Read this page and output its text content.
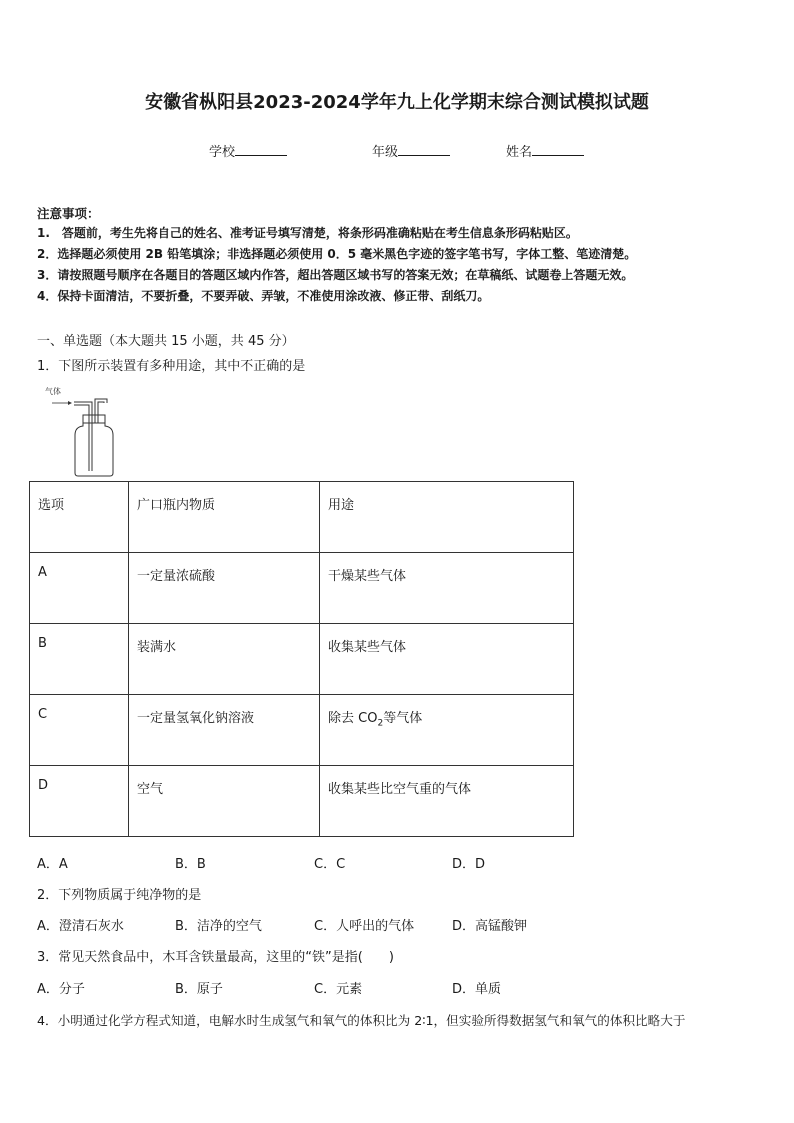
安徽省枞阳县2023-2024学年九上化学期末综合测试模拟试题
学校	年级	姓名
注意事项：
1.　答题前，考生先将自己的姓名、准考证号填写清楚，将条形码准确粘贴在考生信息条形码粘贴区。
2．选择题必须使用 2B 铅笔填涂；非选择题必须使用 0．5 毫米黑色字迹的签字笔书写，字体工整、笔迹清楚。
3．请按照题号顺序在各题目的答题区域内作答，超出答题区域书写的答案无效；在草稿纸、试题卷上答题无效。
4．保持卡面清洁，不要折叠，不要弄破、弄皱，不准使用涂改液、修正带、刮纸刀。
一、单选题（本大题共 15 小题，共 45 分）
1．下图所示装置有多种用途，其中不正确的是
气体
选项	广口瓶内物质	用途
A	一定量浓硫酸	干燥某些气体
B	装满水	收集某些气体
C	一定量氢氧化钠溶液	除去 $CO_2$等气体
D	空气	收集某些比空气重的气体
A．A	B．B	C．C	D．D
2．下列物质属于纯净物的是
A．澄清石灰水	B．洁净的空气	C．人呼出的气体	D．高锰酸钾
3．常见天然食品中，木耳含铁量最高，这里的“铁”是指(　　)
A．分子	B．原子	C．元素	D．单质
4．小明通过化学方程式知道，电解水时生成氢气和氧气的体积比为 2∶1，但实验所得数据氢气和氧气的体积比略大于
